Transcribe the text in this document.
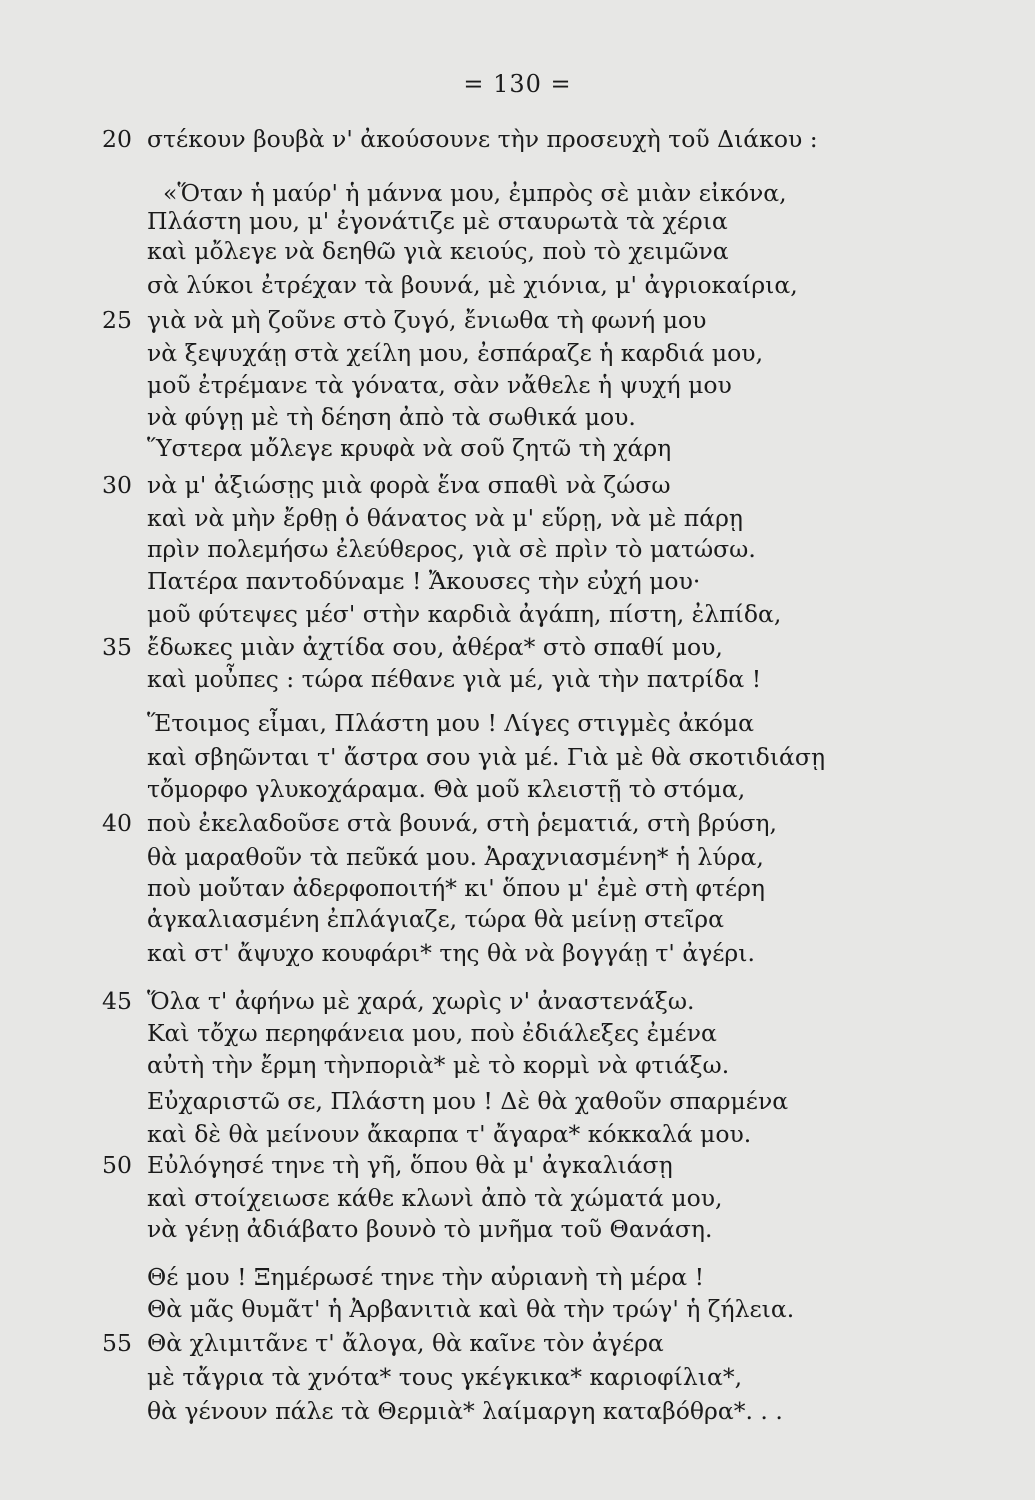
= 130 =
20 στέκουν βουβὰ ν' ἀκούσουνε τὴν προσευχὴ τοῦ Διάκου :
«Ὅταν ἡ μαύρ' ἡ μάννα μου, ἐμπρὸς σὲ μιὰν εἰκόνα,
Πλάστη μου, μ' ἐγονάτιζε μὲ σταυρωτὰ τὰ χέρια
καὶ μὄλεγε νὰ δεηθῶ γιὰ κειούς, ποὺ τὸ χειμῶνα
σὰ λύκοι ἐτρέχαν τὰ βουνά, μὲ χιόνια, μ' ἀγριοκαίρια,
25 γιὰ νὰ μὴ ζοῦνε στὸ ζυγό, ἔνιωθα τὴ φωνή μου
νὰ ξεψυχάῃ στὰ χείλη μου, ἐσπάραζε ἡ καρδιά μου,
μοῦ ἐτρέμανε τὰ γόνατα, σὰν νἄθελε ἡ ψυχή μου
νὰ φύγῃ μὲ τὴ δέηση ἀπὸ τὰ σωθικά μου.
Ὕστερα μὄλεγε κρυφὰ νὰ σοῦ ζητῶ τὴ χάρη
30 νὰ μ' ἀξιώσῃς μιὰ φορὰ ἕνα σπαθὶ νὰ ζώσω
καὶ νὰ μὴν ἔρθῃ ὁ θάνατος νὰ μ' εὕρῃ, νὰ μὲ πάρῃ
πρὶν πολεμήσω ἐλεύθερος, γιὰ σὲ πρὶν τὸ ματώσω.
Πατέρα παντοδύναμε ! Ἄκουσες τὴν εὐχή μου·
μοῦ φύτεψες μέσ' στὴν καρδιὰ ἀγάπη, πίστη, ἐλπίδα,
35 ἔδωκες μιὰν ἀχτίδα σου, ἀθέρα* στὸ σπαθί μου,
καὶ μοὖπες : τώρα πέθανε γιὰ μέ, γιὰ τὴν πατρίδα !
Ἕτοιμος εἶμαι, Πλάστη μου ! Λίγες στιγμὲς ἀκόμα
καὶ σβηῶνται τ' ἄστρα σου γιὰ μέ. Γιὰ μὲ θὰ σκοτιδιάσῃ
τὄμορφο γλυκοχάραμα. Θὰ μοῦ κλειστῇ τὸ στόμα,
40 ποὺ ἐκελαδοῦσε στὰ βουνά, στὴ ῥεματιά, στὴ βρύση,
θὰ μαραθοῦν τὰ πεῦκά μου. Ἀραχνιασμένη* ἡ λύρα,
ποὺ μοὔταν ἀδερφοποιτή* κι' ὅπου μ' ἐμὲ στὴ φτέρη
ἀγκαλιασμένη ἐπλάγιαζε, τώρα θὰ μείνῃ στεῖρα
καὶ στ' ἄψυχο κουφάρι* της θὰ νὰ βογγάῃ τ' ἀγέρι.
45 Ὅλα τ' ἀφήνω μὲ χαρά, χωρὶς ν' ἀναστενάξω.
Καὶ τὄχω περηφάνεια μου, ποὺ ἐδιάλεξες ἐμένα
αὐτὴ τὴν ἔρμη τὴνποριὰ* μὲ τὸ κορμὶ νὰ φτιάξω.
Εὐχαριστῶ σε, Πλάστη μου ! Δὲ θὰ χαθοῦν σπαρμένα
καὶ δὲ θὰ μείνουν ἄκαρπα τ' ἄγαρα* κόκκαλά μου.
50 Εὐλόγησέ τηνε τὴ γῆ, ὅπου θὰ μ' ἀγκαλιάσῃ
καὶ στοίχειωσε κάθε κλωνὶ ἀπὸ τὰ χώματά μου,
νὰ γένῃ ἀδιάβατο βουνὸ τὸ μνῆμα τοῦ Θανάση.
Θέ μου ! Ξημέρωσέ τηνε τὴν αὐριανὴ τὴ μέρα !
Θὰ μᾶς θυμᾶτ' ἡ Ἀρβανιτιὰ καὶ θὰ τὴν τρώγ' ἡ ζήλεια.
55 Θὰ χλιμιτᾶνε τ' ἄλογα, θὰ καῖνε τὸν ἀγέρα
μὲ τἄγρια τὰ χνότα* τους γκέγκικα* καριοφίλια*,
θὰ γένουν πάλε τὰ Θερμιὰ* λαίμαργη καταβόθρα*. . .
